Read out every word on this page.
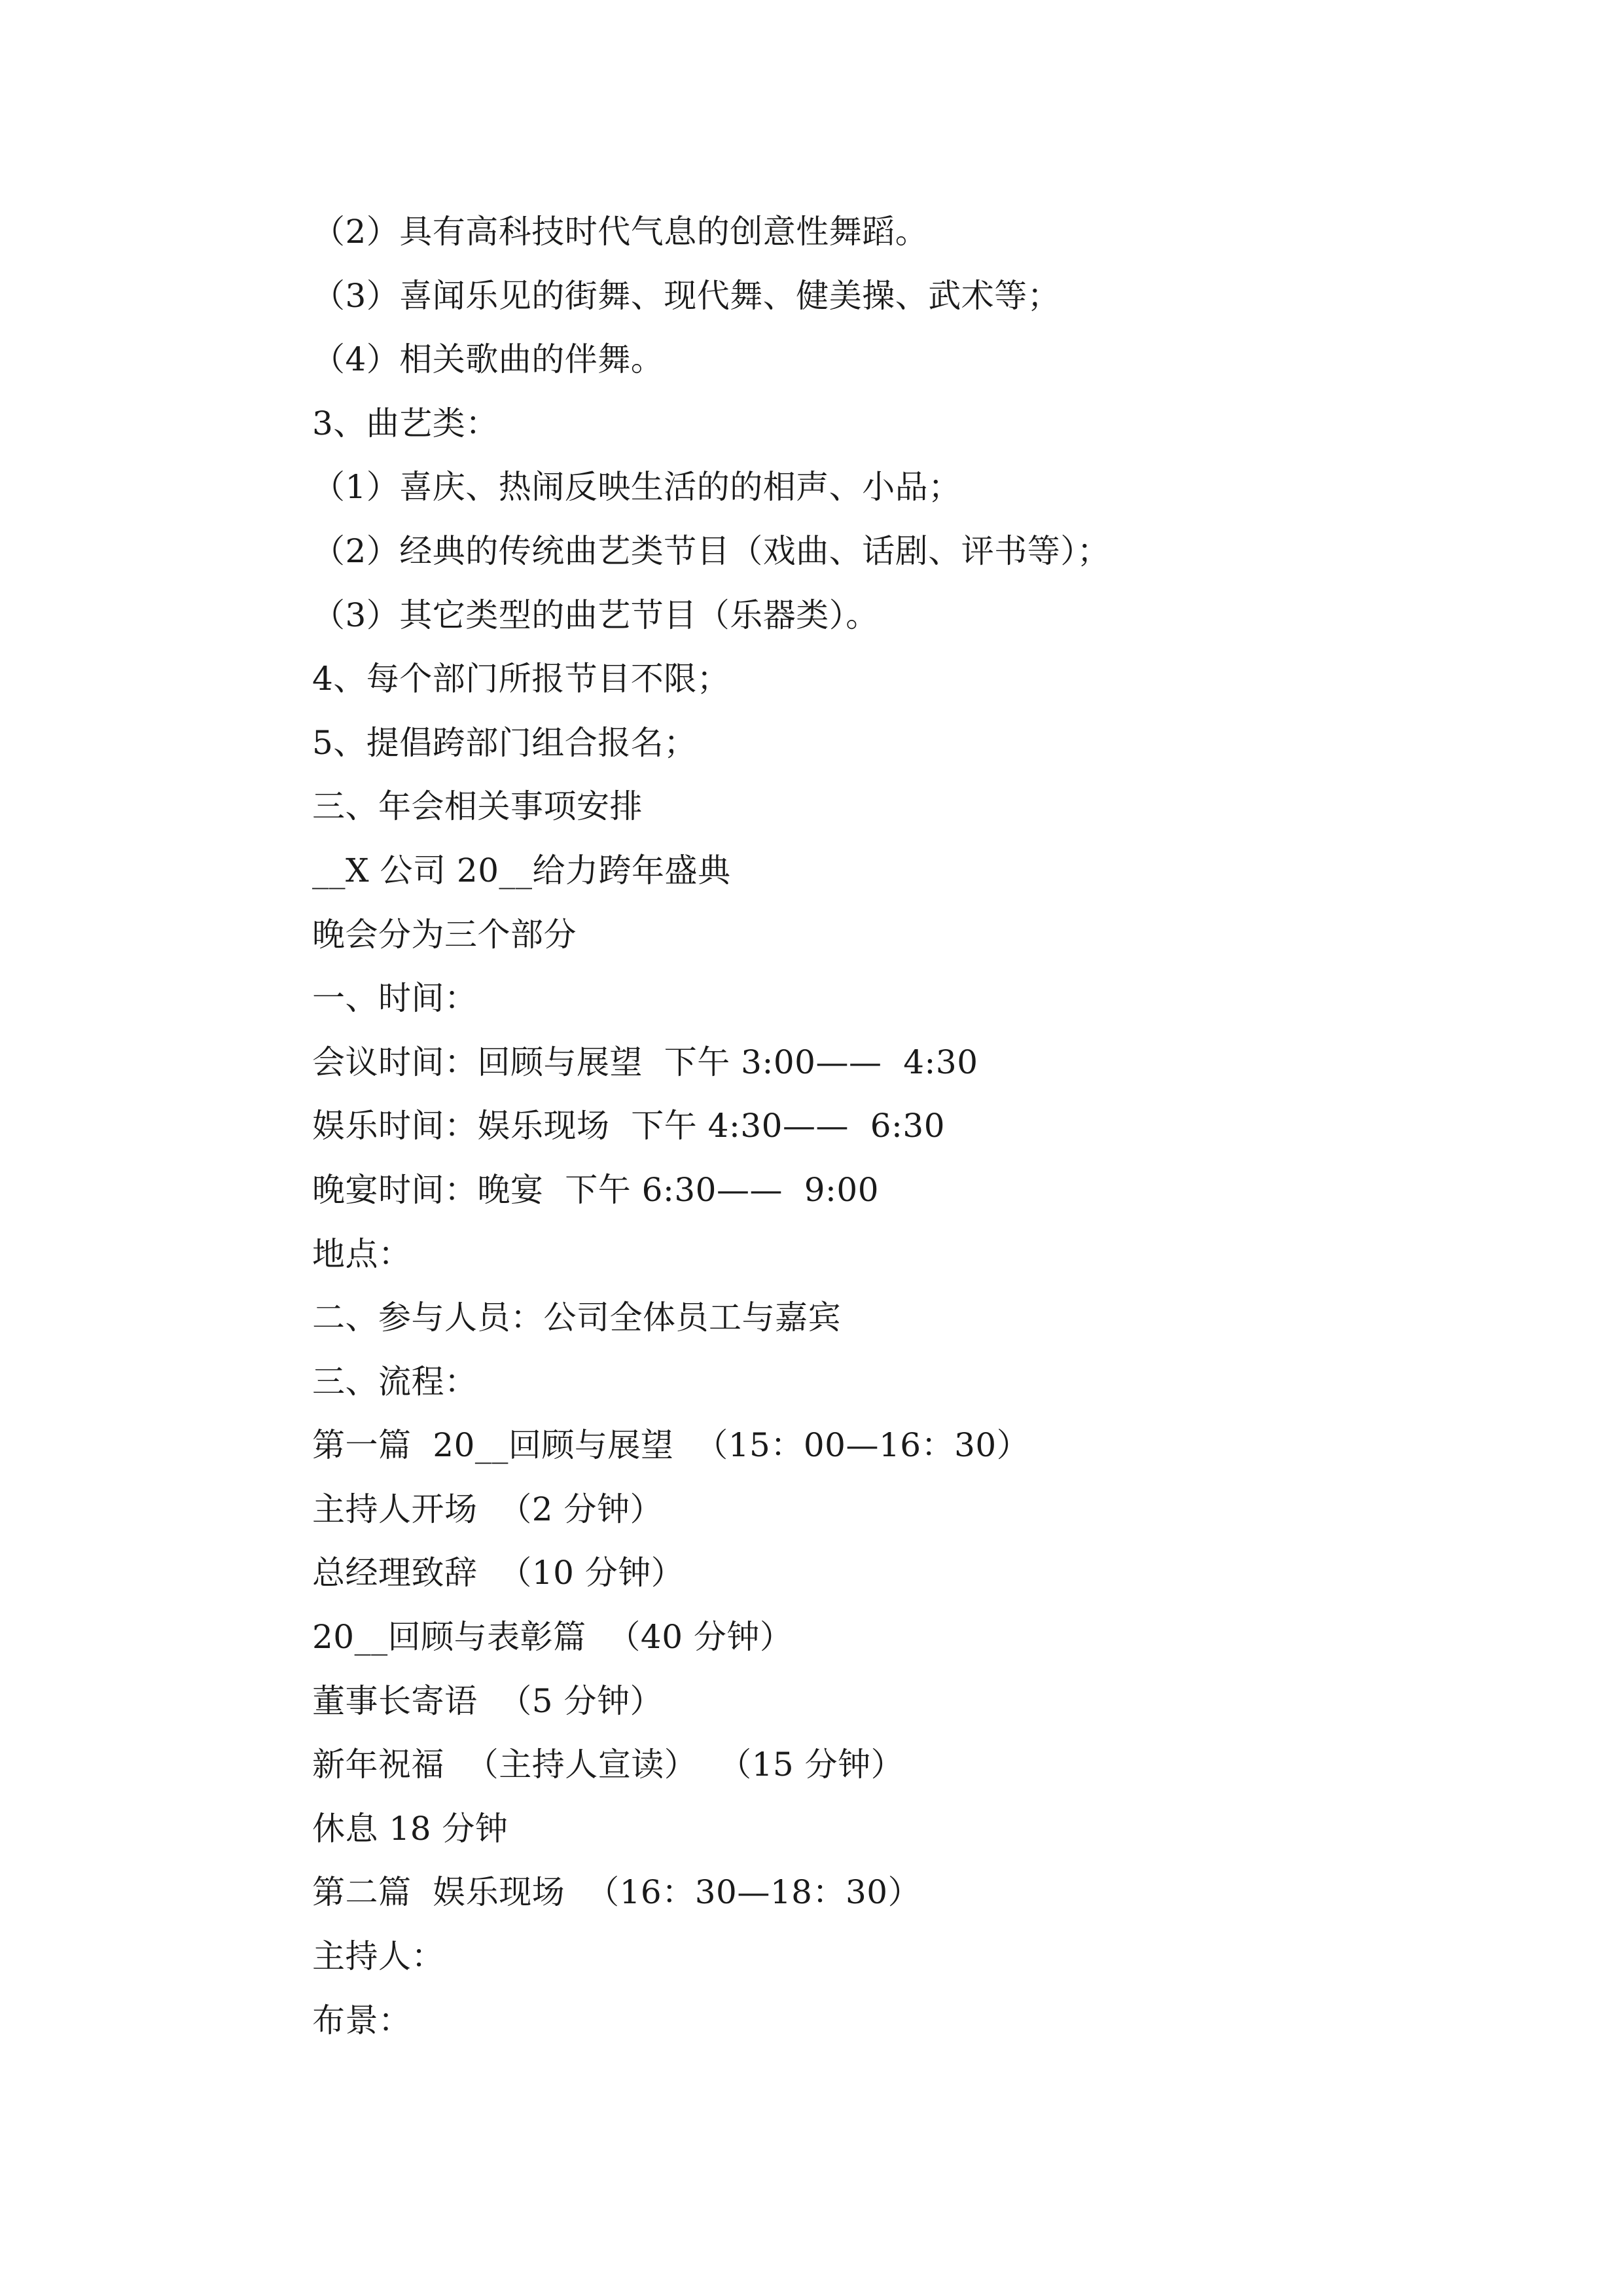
（2）具有高科技时代气息的创意性舞蹈。
（3）喜闻乐见的街舞、现代舞、健美操、武术等；
（4）相关歌曲的伴舞。
3、曲艺类：
（1）喜庆、热闹反映生活的的相声、小品；
（2）经典的传统曲艺类节目（戏曲、话剧、评书等）；
（3）其它类型的曲艺节目（乐器类）。
4、每个部门所报节目不限；
5、提倡跨部门组合报名；
三、年会相关事项安排
__X 公司 20__给力跨年盛典
晚会分为三个部分
一、时间：
会议时间：回顾与展望  下午 3:00——  4:30
娱乐时间：娱乐现场  下午 4:30——  6:30
晚宴时间：晚宴  下午 6:30——  9:00
地点：
二、参与人员：公司全体员工与嘉宾
三、流程：
第一篇  20__回顾与展望  （15：00—16：30）
主持人开场  （2 分钟）
总经理致辞  （10 分钟）
20__回顾与表彰篇  （40 分钟）
董事长寄语  （5 分钟）
新年祝福  （主持人宣读）  （15 分钟）
休息 18 分钟
第二篇  娱乐现场  （16：30—18：30）
主持人：
布景：
